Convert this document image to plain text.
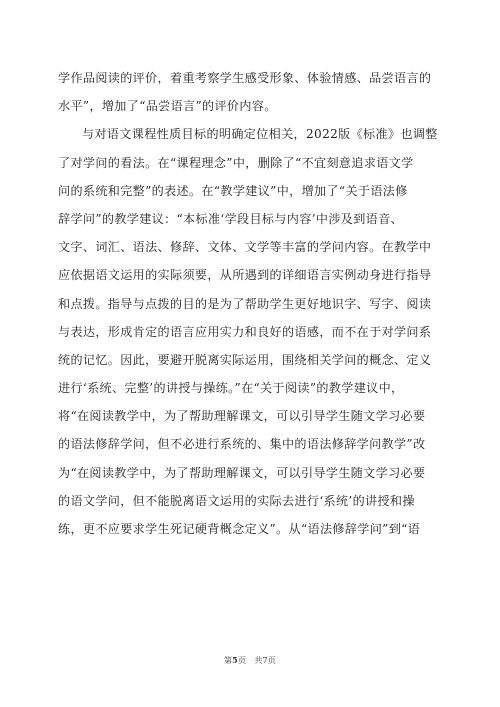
学作品阅读的评价，着重考察学生感受形象、体验情感、品尝语言的
水平”，增加了“品尝语言”的评价内容。
与对语文课程性质目标的明确定位相关，2022版《标准》也调整
了对学问的看法。在“课程理念”中，删除了“不宜刻意追求语文学
问的系统和完整”的表述。在“教学建议”中，增加了“关于语法修
辞学问”的教学建议：“本标准‘学段目标与内容’中涉及到语音、
文字、词汇、语法、修辞、文体、文学等丰富的学问内容。在教学中
应依据语文运用的实际须要，从所遇到的详细语言实例动身进行指导
和点拨。指导与点拨的目的是为了帮助学生更好地识字、写字、阅读
与表达，形成肯定的语言应用实力和良好的语感，而不在于对学问系
统的记忆。因此，要避开脱离实际运用，围绕相关学问的概念、定义
进行‘系统、完整’的讲授与操练。”在“关于阅读”的教学建议中，
将“在阅读教学中，为了帮助理解课文，可以引导学生随文学习必要
的语法修辞学问，但不必进行系统的、集中的语法修辞学问教学”改
为“在阅读教学中，为了帮助理解课文，可以引导学生随文学习必要
的语文学问，但不能脱离语文运用的实际去进行‘系统’的讲授和操
练，更不应要求学生死记硬背概念定义”。从“语法修辞学问”到“语
第5页　共7页
